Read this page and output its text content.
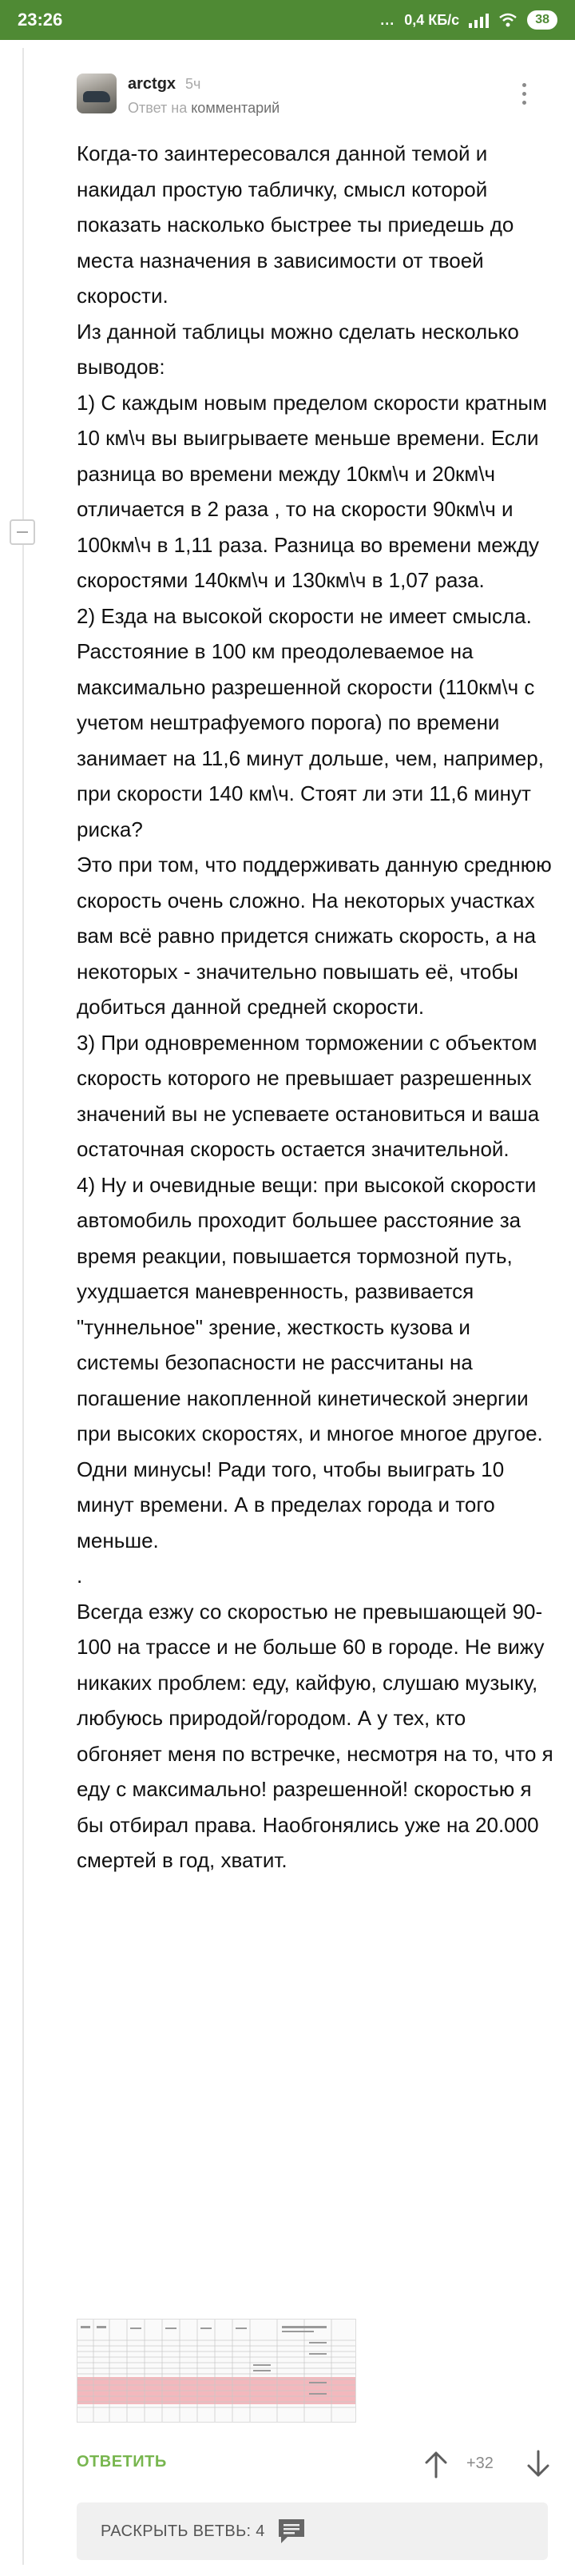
23:26	... 0,4 КБ/с	38
arctgx 5ч
Ответ на комментарий

Когда-то заинтересовался данной темой и накидал простую табличку, смысл которой показать насколько быстрее ты приедешь до места назначения в зависимости от твоей скорости.

Из данной таблицы можно сделать несколько выводов:

1) С каждым новым пределом скорости кратным 10 км\ч вы выигрываете меньше времени. Если разница во времени между 10км\ч и 20км\ч отличается в 2 раза , то на скорости 90км\ч и 100км\ч в 1,11 раза. Разница во времени между скоростями 140км\ч и 130км\ч в 1,07 раза.

2) Езда на высокой скорости не имеет смысла.

Расстояние в 100 км преодолеваемое на максимально разрешенной скорости (110км\ч с учетом нештрафуемого порога) по времени занимает на 11,6 минут дольше, чем, например, при скорости 140 км\ч. Стоят ли эти 11,6 минут риска?

Это при том, что поддерживать данную среднюю скорость очень сложно. На некоторых участках вам всё равно придется снижать скорость, а на некоторых - значительно повышать её, чтобы добиться данной средней скорости.

3) При одновременном торможении с объектом скорость которого не превышает разрешенных значений вы не успеваете остановиться и ваша остаточная скорость остается значительной.

4) Ну и очевидные вещи: при высокой скорости автомобиль проходит большее расстояние за время реакции, повышается тормозной путь, ухудшается маневренность, развивается "туннельное" зрение, жесткость кузова и системы безопасности не рассчитаны на погашение накопленной кинетической энергии при высоких скоростях, и многое многое другое. Одни минусы! Ради того, чтобы выиграть 10 минут времени. А в пределах города и того меньше.

.

Всегда езжу со скоростью не превышающей 90-100 на трассе и не больше 60 в городе. Не вижу никаких проблем: еду, кайфую, слушаю музыку, любуюсь природой/городом. А у тех, кто обгоняет меня по встречке, несмотря на то, что я еду с максимально! разрешенной! скоростью я бы отбирал права. Наобгонялись уже на 20.000 смертей в год, хватит.

ОТВЕТИТЬ	+32
РАСКРЫТЬ ВЕТВЬ: 4
